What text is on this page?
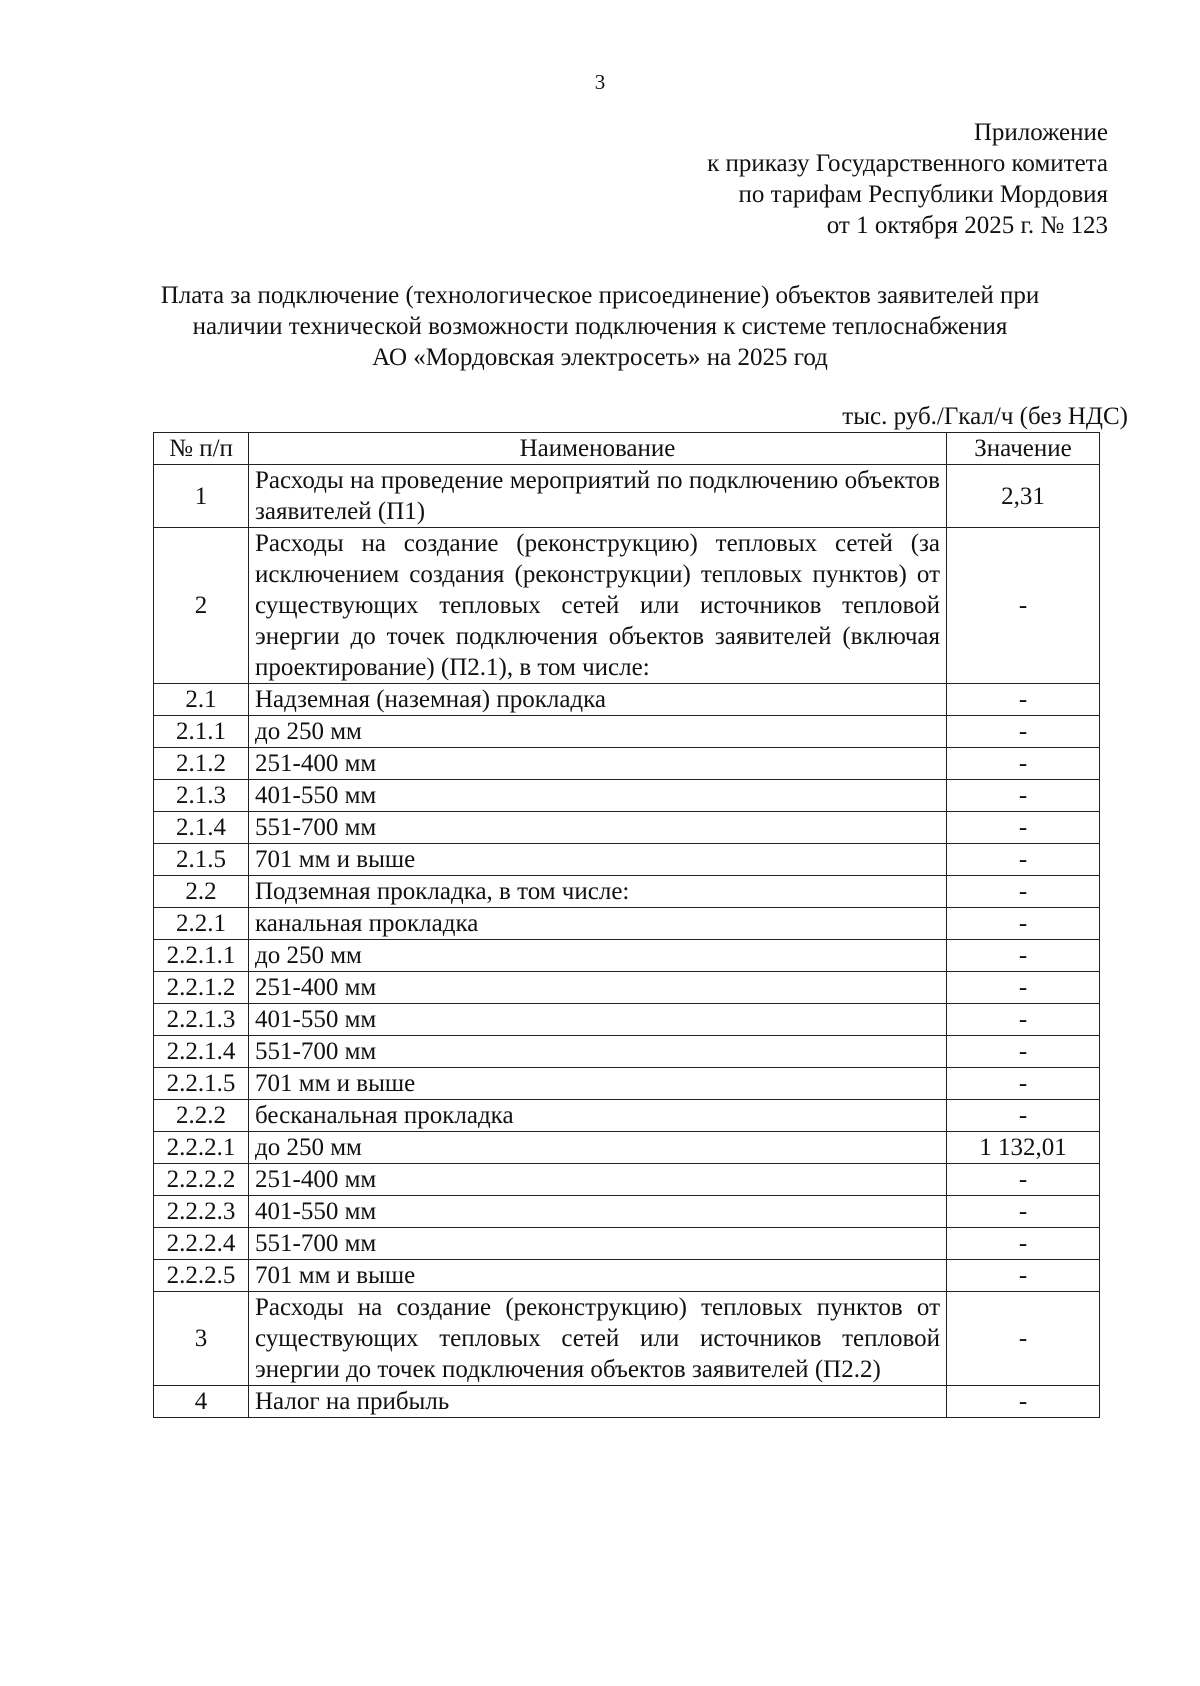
3
Приложение
к приказу Государственного комитета
по тарифам Республики Мордовия
от 1 октября 2025 г. № 123
Плата за подключение (технологическое присоединение) объектов заявителей при
наличии технической возможности подключения к системе теплоснабжения
АО «Мордовская электросеть» на 2025 год
тыс. руб./Гкал/ч (без НДС)
№ п/п	Наименование	Значение
1	Расходы на проведение мероприятий по подключению объектов заявителей (П1)	2,31
2	Расходы на создание (реконструкцию) тепловых сетей (за исключением создания (реконструкции) тепловых пунктов) от существующих тепловых сетей или источников тепловой энергии до точек подключения объектов заявителей (включая проектирование) (П2.1), в том числе:	-
2.1	Надземная (наземная) прокладка	-
2.1.1	до 250 мм	-
2.1.2	251-400 мм	-
2.1.3	401-550 мм	-
2.1.4	551-700 мм	-
2.1.5	701 мм и выше	-
2.2	Подземная прокладка, в том числе:	-
2.2.1	канальная прокладка	-
2.2.1.1	до 250 мм	-
2.2.1.2	251-400 мм	-
2.2.1.3	401-550 мм	-
2.2.1.4	551-700 мм	-
2.2.1.5	701 мм и выше	-
2.2.2	бесканальная прокладка	-
2.2.2.1	до 250 мм	1 132,01
2.2.2.2	251-400 мм	-
2.2.2.3	401-550 мм	-
2.2.2.4	551-700 мм	-
2.2.2.5	701 мм и выше	-
3	Расходы на создание (реконструкцию) тепловых пунктов от существующих тепловых сетей или источников тепловой энергии до точек подключения объектов заявителей (П2.2)	-
4	Налог на прибыль	-
